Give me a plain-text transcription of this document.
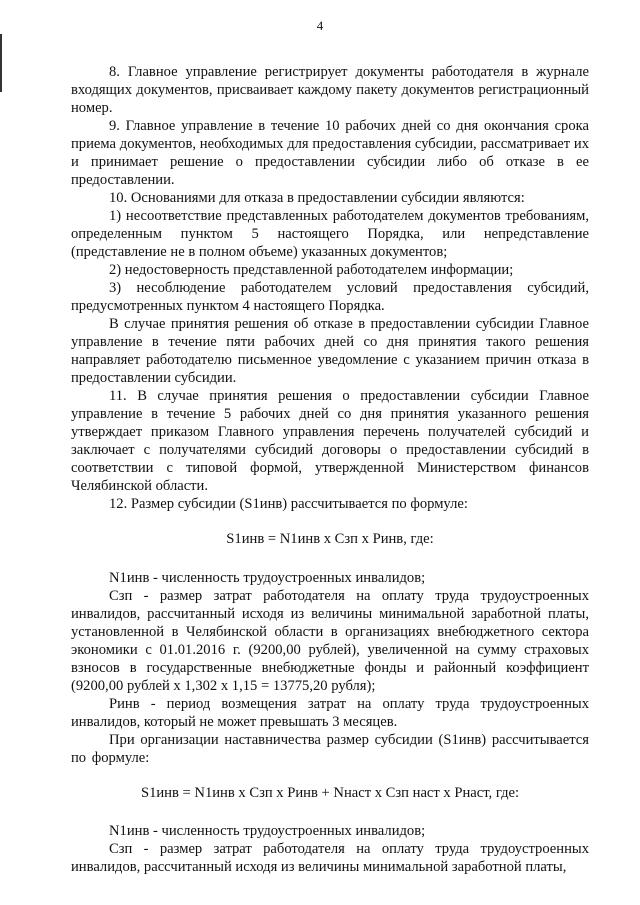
4

8. Главное управление регистрирует документы работодателя в журнале входящих документов, присваивает каждому пакету документов регистрационный номер.

9. Главное управление в течение 10 рабочих дней со дня окончания срока приема документов, необходимых для предоставления субсидии, рассматривает их и принимает решение о предоставлении субсидии либо об отказе в ее предоставлении.

10. Основаниями для отказа в предоставлении субсидии являются:

1) несоответствие представленных работодателем документов требованиям, определенным пунктом 5 настоящего Порядка, или непредставление (представление не в полном объеме) указанных документов;

2) недостоверность представленной работодателем информации;

3) несоблюдение работодателем условий предоставления субсидий, предусмотренных пунктом 4 настоящего Порядка.

В случае принятия решения об отказе в предоставлении субсидии Главное управление в течение пяти рабочих дней со дня принятия такого решения направляет работодателю письменное уведомление с указанием причин отказа в предоставлении субсидии.

11. В случае принятия решения о предоставлении субсидии Главное управление в течение 5 рабочих дней со дня принятия указанного решения утверждает приказом Главного управления перечень получателей субсидий и заключает с получателями субсидий договоры о предоставлении субсидий в соответствии с типовой формой, утвержденной Министерством финансов Челябинской области.

12. Размер субсидии (S1инв) рассчитывается по формуле:

S1инв = N1инв х Сзп х Ринв, где:

N1инв - численность трудоустроенных инвалидов;

Сзп - размер затрат работодателя на оплату труда трудоустроенных инвалидов, рассчитанный исходя из величины минимальной заработной платы, установленной в Челябинской области в организациях внебюджетного сектора экономики с 01.01.2016 г. (9200,00 рублей), увеличенной на сумму страховых взносов в государственные внебюджетные фонды и районный коэффициент (9200,00 рублей х 1,302 х 1,15 = 13775,20 рубля);

Ринв - период возмещения затрат на оплату труда трудоустроенных инвалидов, который не может превышать 3 месяцев.

При организации наставничества размер субсидии (S1инв) рассчитывается по формуле:

S1инв = N1инв х Сзп х Ринв + Nнаст х Сзп наст х Рнаст, где:

N1инв - численность трудоустроенных инвалидов;

Сзп - размер затрат работодателя на оплату труда трудоустроенных инвалидов, рассчитанный исходя из величины минимальной заработной платы,
